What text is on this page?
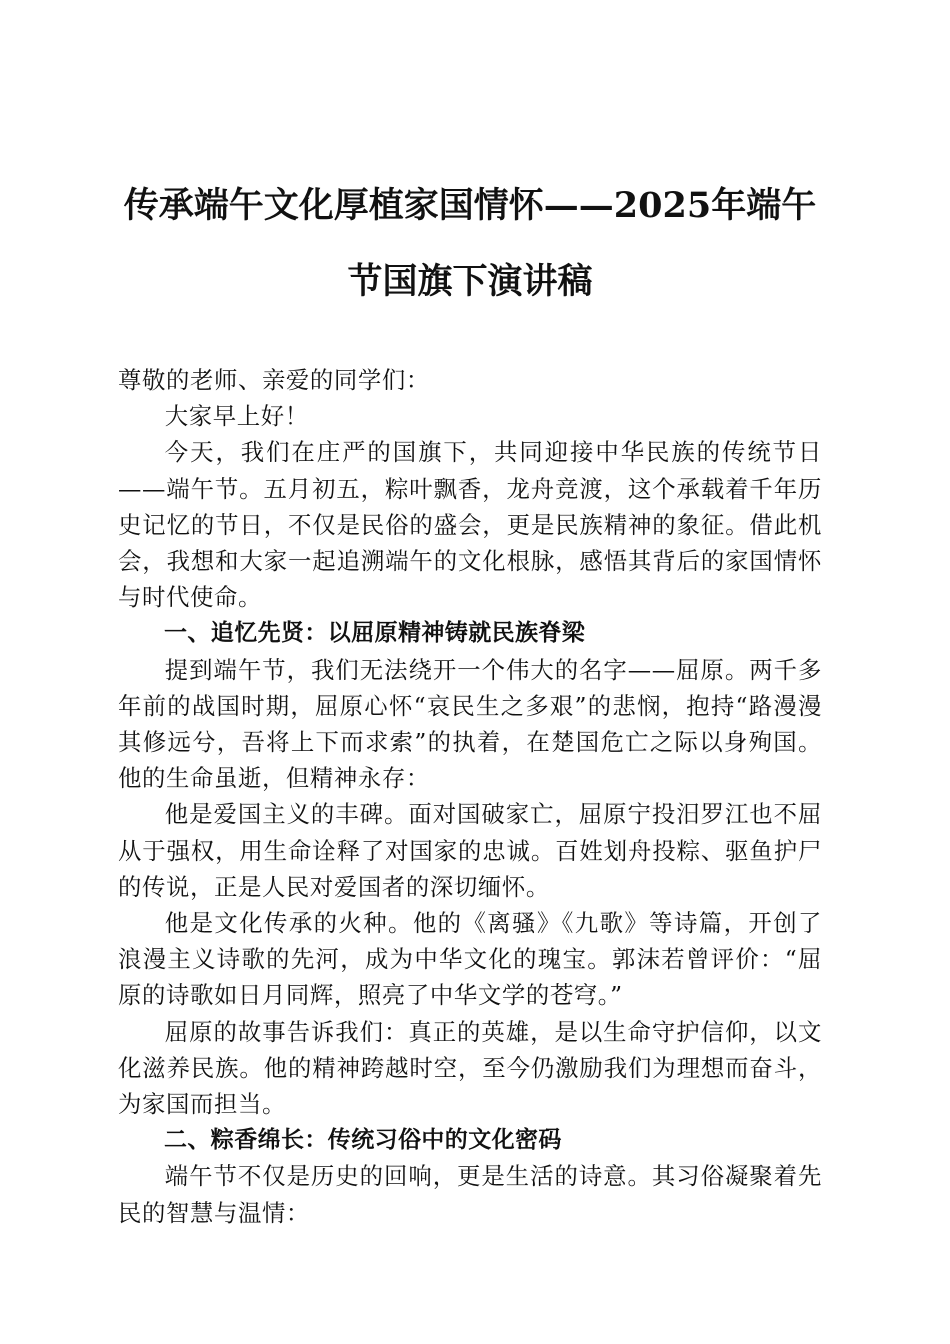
传承端午文化厚植家国情怀——2025年端午
节国旗下演讲稿

尊敬的老师、亲爱的同学们：

大家早上好！

今天，我们在庄严的国旗下，共同迎接中华民族的传统节日——端午节。五月初五，粽叶飘香，龙舟竞渡，这个承载着千年历史记忆的节日，不仅是民俗的盛会，更是民族精神的象征。借此机会，我想和大家一起追溯端午的文化根脉，感悟其背后的家国情怀与时代使命。

一、追忆先贤：以屈原精神铸就民族脊梁

提到端午节，我们无法绕开一个伟大的名字——屈原。两千多年前的战国时期，屈原心怀“哀民生之多艰”的悲悯，抱持“路漫漫其修远兮，吾将上下而求索”的执着，在楚国危亡之际以身殉国。他的生命虽逝，但精神永存：

他是爱国主义的丰碑。面对国破家亡，屈原宁投汨罗江也不屈从于强权，用生命诠释了对国家的忠诚。百姓划舟投粽、驱鱼护尸的传说，正是人民对爱国者的深切缅怀。

他是文化传承的火种。他的《离骚》《九歌》等诗篇，开创了浪漫主义诗歌的先河，成为中华文化的瑰宝。郭沫若曾评价：“屈原的诗歌如日月同辉，照亮了中华文学的苍穹。”

屈原的故事告诉我们：真正的英雄，是以生命守护信仰，以文化滋养民族。他的精神跨越时空，至今仍激励我们为理想而奋斗，为家国而担当。

二、粽香绵长：传统习俗中的文化密码

端午节不仅是历史的回响，更是生活的诗意。其习俗凝聚着先民的智慧与温情：
